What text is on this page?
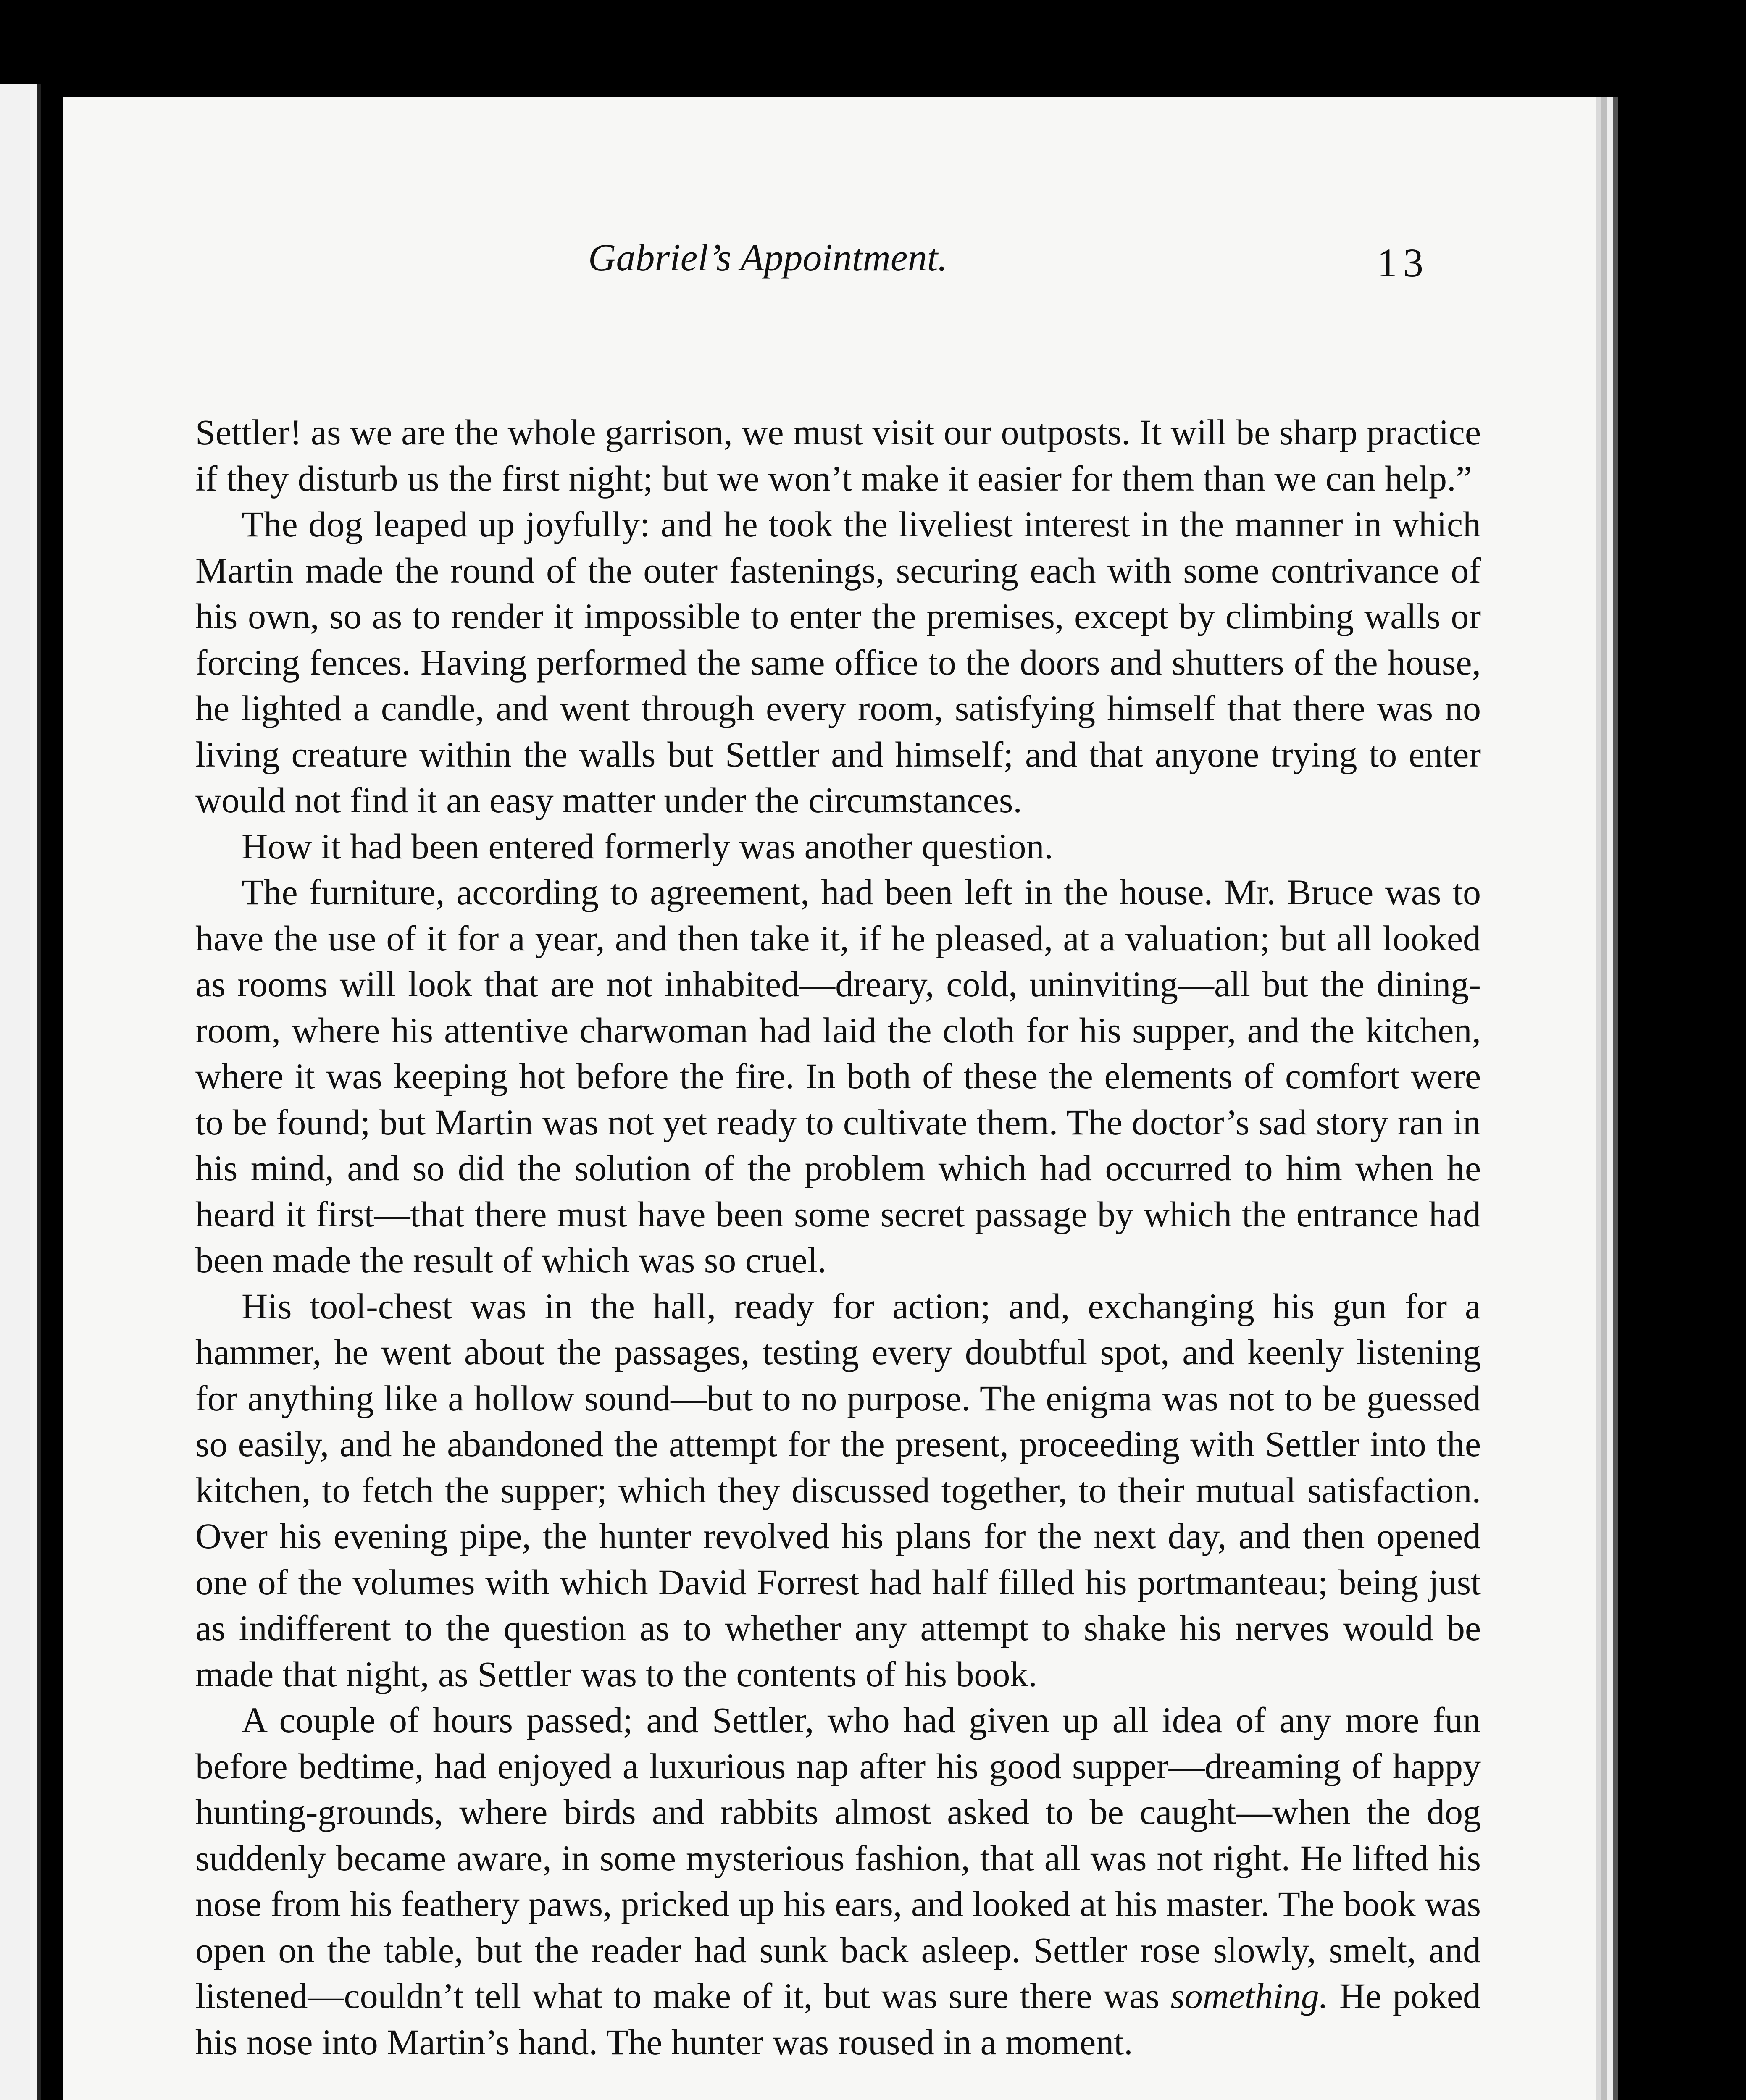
Gabriel’s Appointment.	13

Settler! as we are the whole garrison, we must visit our outposts. It will be sharp practice if they disturb us the first night; but we won’t make it easier for them than we can help.”

The dog leaped up joyfully: and he took the liveliest interest in the manner in which Martin made the round of the outer fastenings, securing each with some contrivance of his own, so as to render it impossible to enter the premises, except by climbing walls or forcing fences. Having performed the same office to the doors and shutters of the house, he lighted a candle, and went through every room, satisfying himself that there was no living creature within the walls but Settler and himself; and that anyone trying to enter would not find it an easy matter under the circumstances.

How it had been entered formerly was another question.

The furniture, according to agreement, had been left in the house. Mr. Bruce was to have the use of it for a year, and then take it, if he pleased, at a valuation; but all looked as rooms will look that are not inhabited—dreary, cold, uninviting—all but the dining-room, where his attentive charwoman had laid the cloth for his supper, and the kitchen, where it was keeping hot before the fire. In both of these the elements of comfort were to be found; but Martin was not yet ready to cultivate them. The doctor’s sad story ran in his mind, and so did the solution of the problem which had occurred to him when he heard it first—that there must have been some secret passage by which the entrance had been made the result of which was so cruel.

His tool-chest was in the hall, ready for action; and, exchanging his gun for a hammer, he went about the passages, testing every doubtful spot, and keenly listening for anything like a hollow sound—but to no purpose. The enigma was not to be guessed so easily, and he abandoned the attempt for the present, proceeding with Settler into the kitchen, to fetch the supper; which they discussed together, to their mutual satisfaction. Over his evening pipe, the hunter revolved his plans for the next day, and then opened one of the volumes with which David Forrest had half filled his portmanteau; being just as indifferent to the question as to whether any attempt to shake his nerves would be made that night, as Settler was to the contents of his book.

A couple of hours passed; and Settler, who had given up all idea of any more fun before bedtime, had enjoyed a luxurious nap after his good supper—dreaming of happy hunting-grounds, where birds and rabbits almost asked to be caught—when the dog suddenly became aware, in some mysterious fashion, that all was not right. He lifted his nose from his feathery paws, pricked up his ears, and looked at his master. The book was open on the table, but the reader had sunk back asleep. Settler rose slowly, smelt, and listened—couldn’t tell what to make of it, but was sure there was something. He poked his nose into Martin’s hand. The hunter was roused in a moment.
